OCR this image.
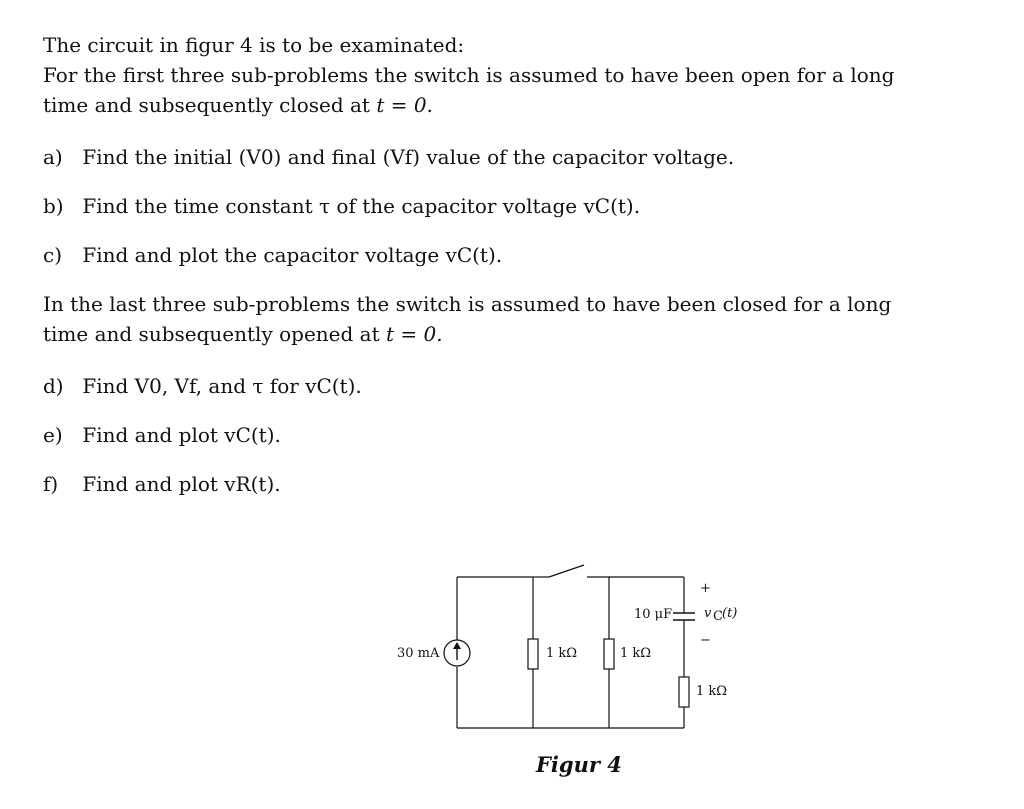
The circuit in figur 4 is to be examinated:

For the first three sub-problems the switch is assumed to have been open for a long

time and subsequently closed at t = 0.

a) Find the initial (V0) and final (Vf) value of the capacitor voltage.

b) Find the time constant τ of the capacitor voltage vC(t).

c) Find and plot the capacitor voltage vC(t).

In the last three sub-problems the switch is assumed to have been closed for a long

time and subsequently opened at t = 0.

d) Find V0, Vf, and τ for vC(t).

e) Find and plot vC(t).

f) Find and plot vR(t).

30 mA	1 kΩ	1 kΩ
1 kΩ
10 μF
+
−
v C (t)
Figur 4
